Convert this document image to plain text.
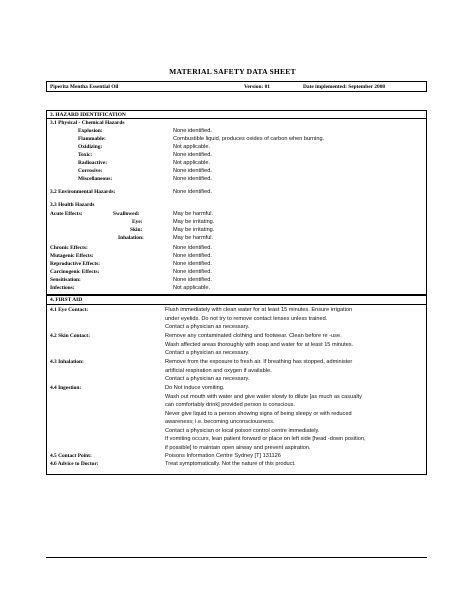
MATERIAL SAFETY DATA SHEET
Piperita Mentha Essential Oil	Version: 01	Date implemented: September 2008
3. HAZARD IDENTIFICATION
3.1 Physical - Chemical Hazards
Explosion:	None identified.
Flammable:	Combustible liquid, produces oxides of carbon when burning.
Oxidizing:	Not applicable.
Toxic:	None identified.
Radioactive:	Not applicable.
Corrosive:	None identified.
Miscellaneous:	None identified.
3.2 Environmental Hazards:	None identified.
3.3 Health Hazards
Acute Effects:	Swallowed:	May be harmful.
Eye:	May be irritating.
Skin:	May be irritating.
Inhalation:	May be harmful.
Chronic Effects:	None identified.
Mutagenic Effects:	None identified.
Reproductive Effects:	None identified.
Carcinogenic Effects:	None identified.
Sensitisation:	None identified.
Infectious:	Not applicable.
4. FIRST AID
4.1 Eye Contact:	Flush immediately with clean water for at least 15 minutes. Ensure irrigation
under eyelids. Do not try to remove contact lenses unless trained.
Contact a physician as necessary.
4.2 Skin Contact:	Remove any contaminated clothing and footwear. Clean before re -use.
Wash affected areas thoroughly with soap and water for at least 15 minutes.
Contact a physician as necessary.
4.3 Inhalation:	Remove from the exposure to fresh air. If breathing has stopped, administer
artificial respiration and oxygen if available.
Contact a physician as necessary.
4.4 Ingestion:	Do Not induce vomiting.
Wash out mouth with water and give water slowly to dilute [as much as casualty
can comfortably drink] provided person is conscious.
Never give liquid to a person showing signs of being sleepy or with reduced
awareness; i.e. becoming unconsciousness.
Contact a physician or local poison control centre immediately.
If vomiting occurs, lean patient forward or place on left side [head -down position,
if possible] to maintain open airway and prevent aspiration.
4.5 Contact Point:	Poisons Information Centre Sydney [T] 131126
4.6 Advice to Doctor:	Treat symptomatically. Not the nature of this product.
